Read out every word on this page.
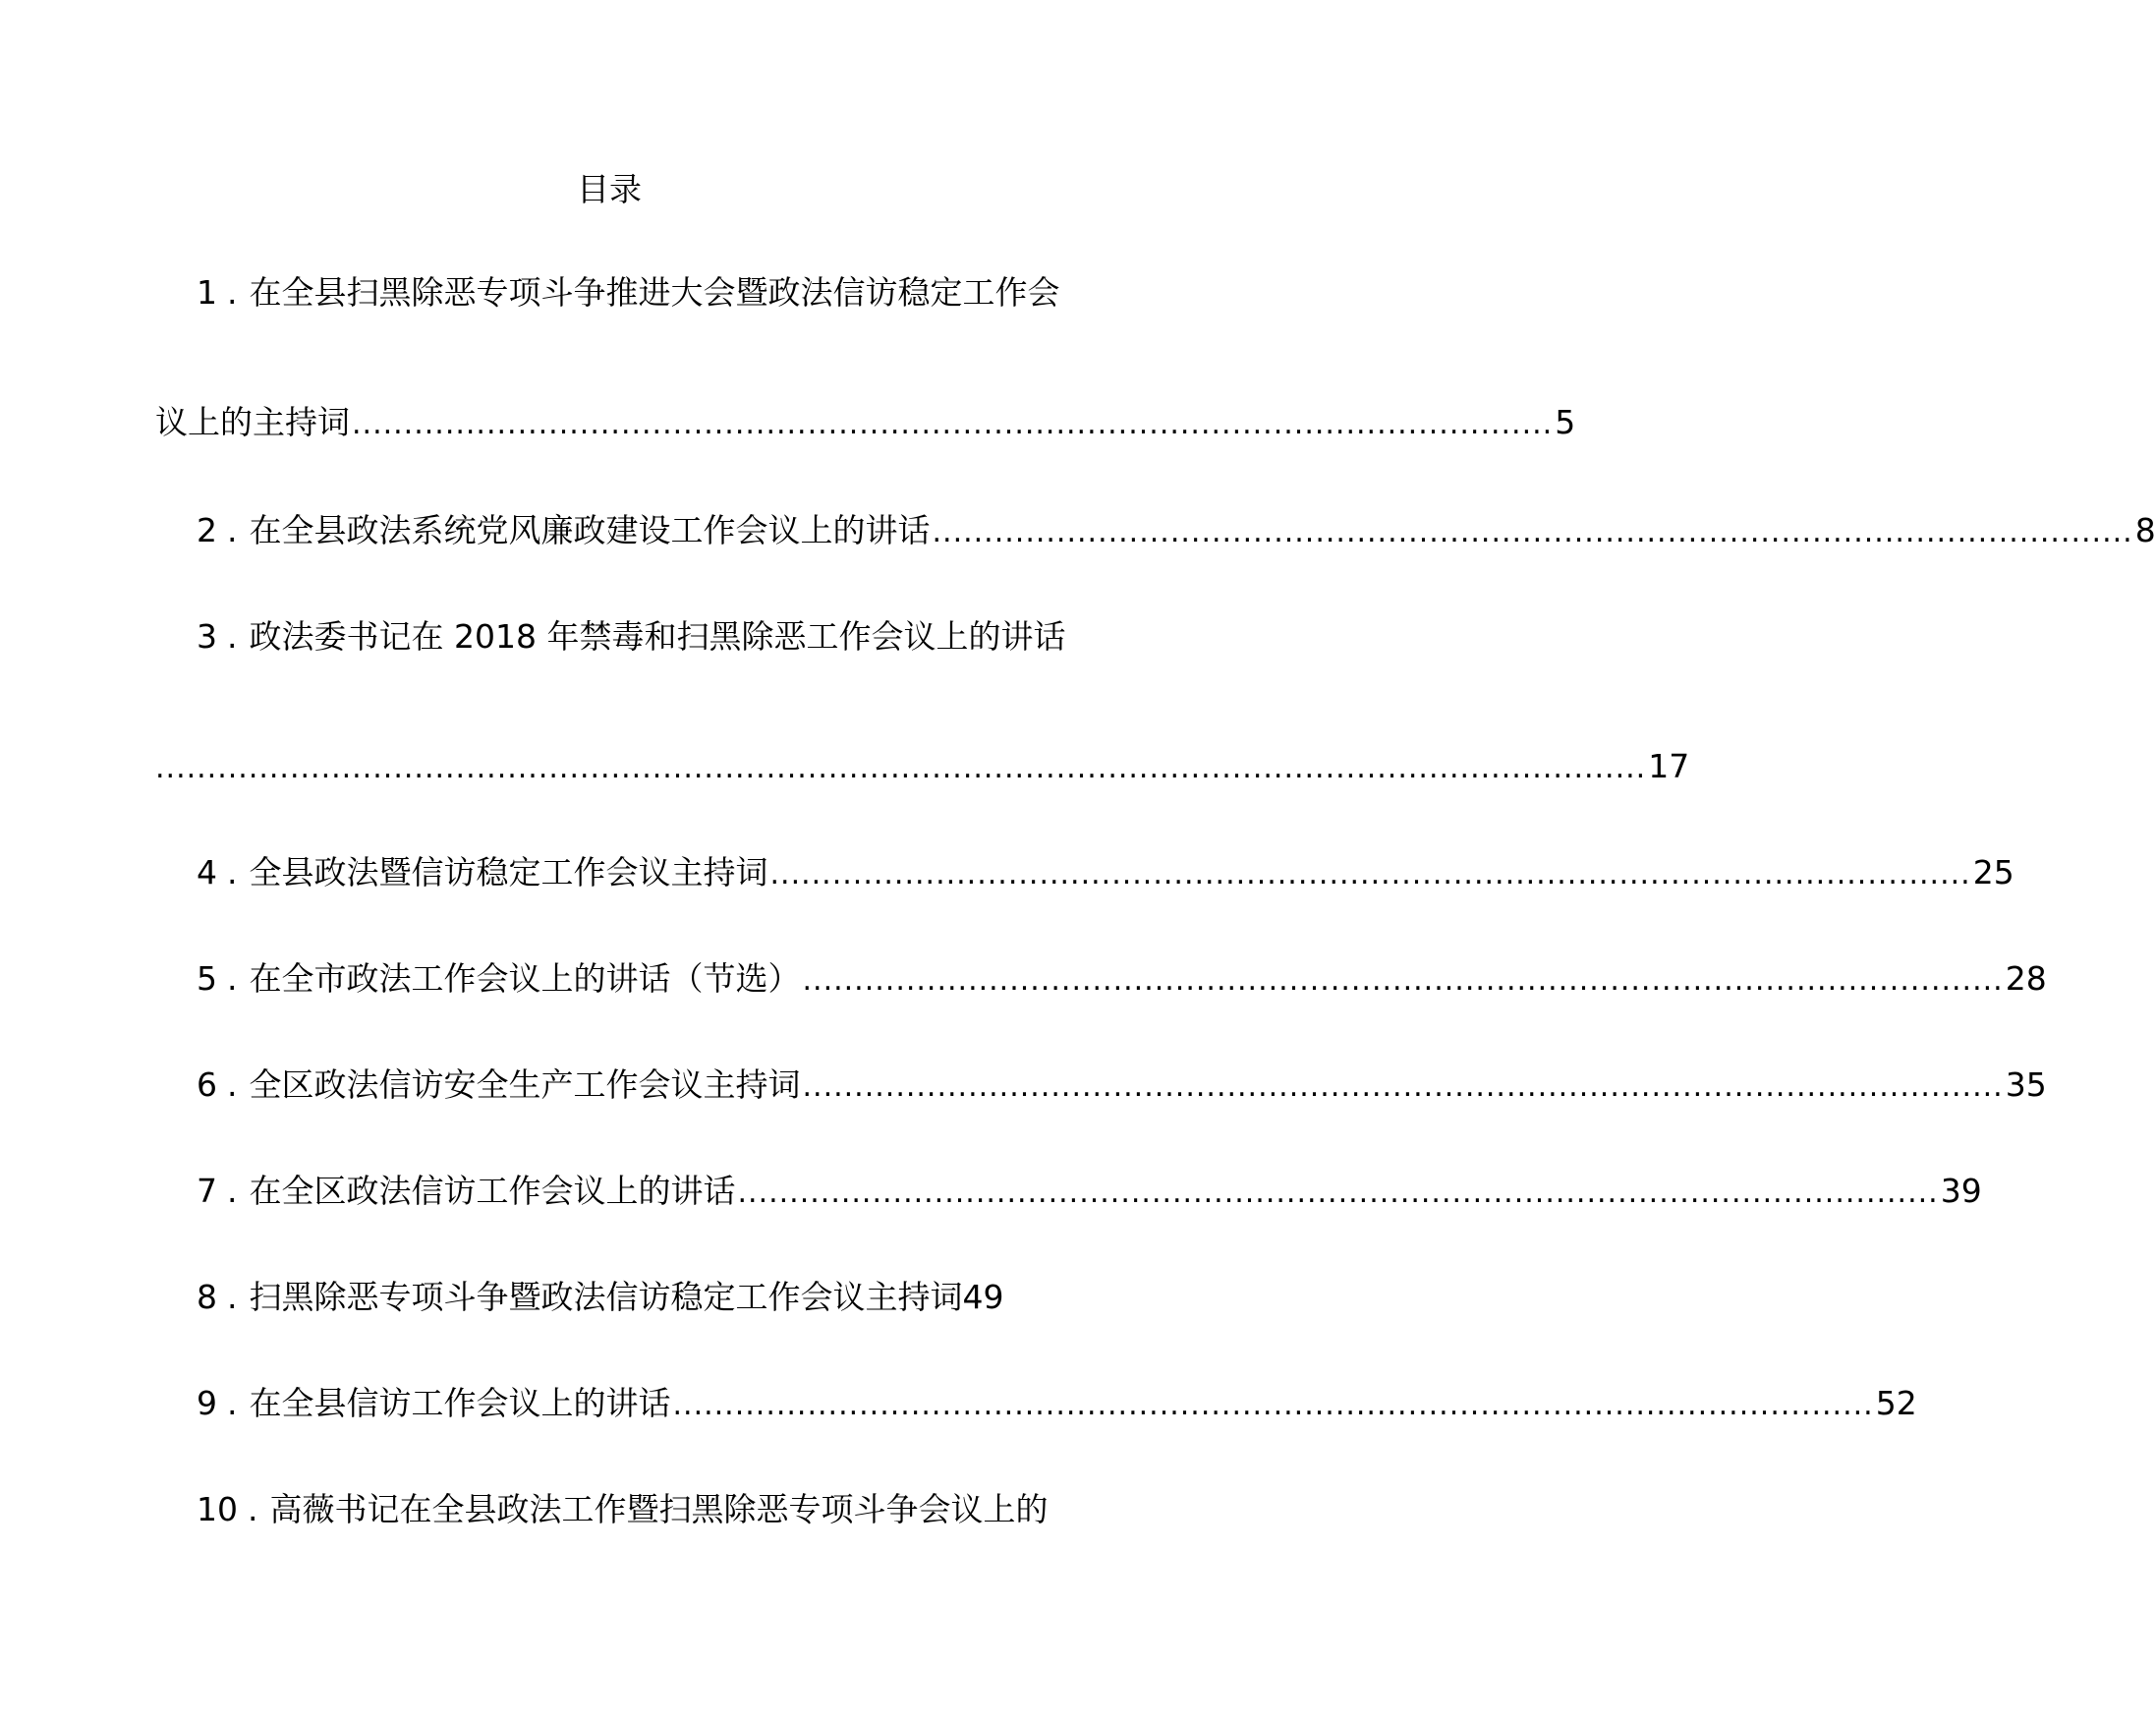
目录
1 . 在全县扫黑除恶专项斗争推进大会暨政法信访稳定工作会
议上的主持词 .................................................................................................................... 5
2 . 在全县政法系统党风廉政建设工作会议上的讲话 .................................................................................................................... 8
3 . 政法委书记在 2018 年禁毒和扫黑除恶工作会议上的讲话
................................................................................................................................................ 17
4 . 全县政法暨信访稳定工作会议主持词 .................................................................................................................... 25
5 . 在全市政法工作会议上的讲话（节选） .................................................................................................................... 28
6 . 全区政法信访安全生产工作会议主持词 .................................................................................................................... 35
7 . 在全区政法信访工作会议上的讲话 .................................................................................................................... 39
8 . 扫黑除恶专项斗争暨政法信访稳定工作会议主持词 49
9 . 在全县信访工作会议上的讲话 .................................................................................................................... 52
10 . 高薇书记在全县政法工作暨扫黑除恶专项斗争会议上的
